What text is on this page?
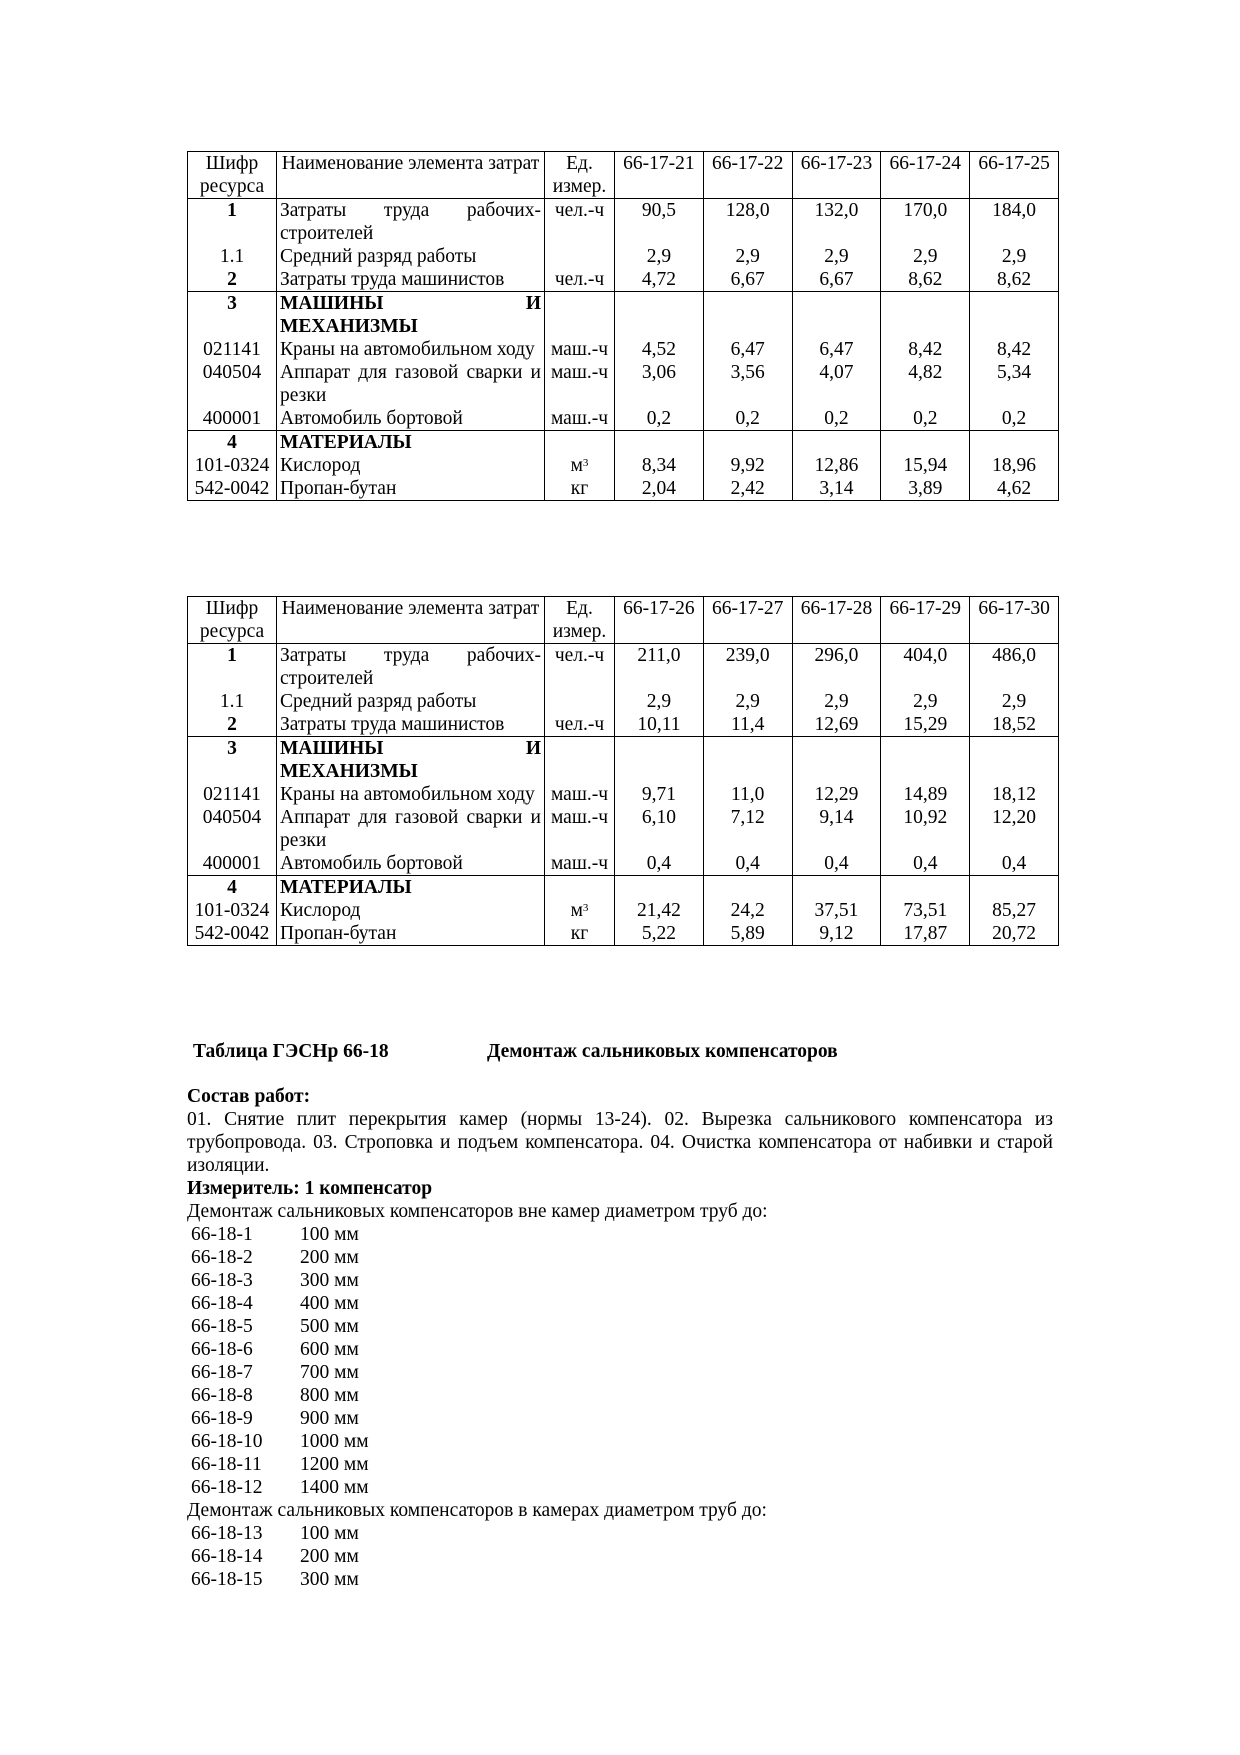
Шифр ресурса	Наименование элемента затрат	Ед. измер.	66-17-21	66-17-22	66-17-23	66-17-24	66-17-25
1	Затраты труда рабочих-строителей	чел.-ч	90,5	128,0	132,0	170,0	184,0
1.1	Средний разряд работы		2,9	2,9	2,9	2,9	2,9
2	Затраты труда машинистов	чел.-ч	4,72	6,67	6,67	8,62	8,62
3	МАШИНЫ И МЕХАНИЗМЫ						
021141	Краны на автомобильном ходу	маш.-ч	4,52	6,47	6,47	8,42	8,42
040504	Аппарат для газовой сварки и резки	маш.-ч	3,06	3,56	4,07	4,82	5,34
400001	Автомобиль бортовой	маш.-ч	0,2	0,2	0,2	0,2	0,2
4	МАТЕРИАЛЫ						
101-0324	Кислород	$м^3$	8,34	9,92	12,86	15,94	18,96
542-0042	Пропан-бутан	кг	2,04	2,42	3,14	3,89	4,62
Шифр ресурса	Наименование элемента затрат	Ед. измер.	66-17-26	66-17-27	66-17-28	66-17-29	66-17-30
1	Затраты труда рабочих-строителей	чел.-ч	211,0	239,0	296,0	404,0	486,0
1.1	Средний разряд работы		2,9	2,9	2,9	2,9	2,9
2	Затраты труда машинистов	чел.-ч	10,11	11,4	12,69	15,29	18,52
3	МАШИНЫ И МЕХАНИЗМЫ						
021141	Краны на автомобильном ходу	маш.-ч	9,71	11,0	12,29	14,89	18,12
040504	Аппарат для газовой сварки и резки	маш.-ч	6,10	7,12	9,14	10,92	12,20
400001	Автомобиль бортовой	маш.-ч	0,4	0,4	0,4	0,4	0,4
4	МАТЕРИАЛЫ						
101-0324	Кислород	$м^3$	21,42	24,2	37,51	73,51	85,27
542-0042	Пропан-бутан	кг	5,22	5,89	9,12	17,87	20,72
Таблица ГЭСНр 66-18	Демонтаж сальниковых компенсаторов
Состав работ:
01. Снятие плит перекрытия камер (нормы 13-24). 02. Вырезка сальникового компенсатора из трубопровода. 03. Строповка и подъем компенсатора. 04. Очистка компенсатора от набивки и старой изоляции.
Измеритель: 1 компенсатор
Демонтаж сальниковых компенсаторов вне камер диаметром труб до:
66-18-1 100 мм
66-18-2 200 мм
66-18-3 300 мм
66-18-4 400 мм
66-18-5 500 мм
66-18-6 600 мм
66-18-7 700 мм
66-18-8 800 мм
66-18-9 900 мм
66-18-10 1000 мм
66-18-11 1200 мм
66-18-12 1400 мм
Демонтаж сальниковых компенсаторов в камерах диаметром труб до:
66-18-13 100 мм
66-18-14 200 мм
66-18-15 300 мм
